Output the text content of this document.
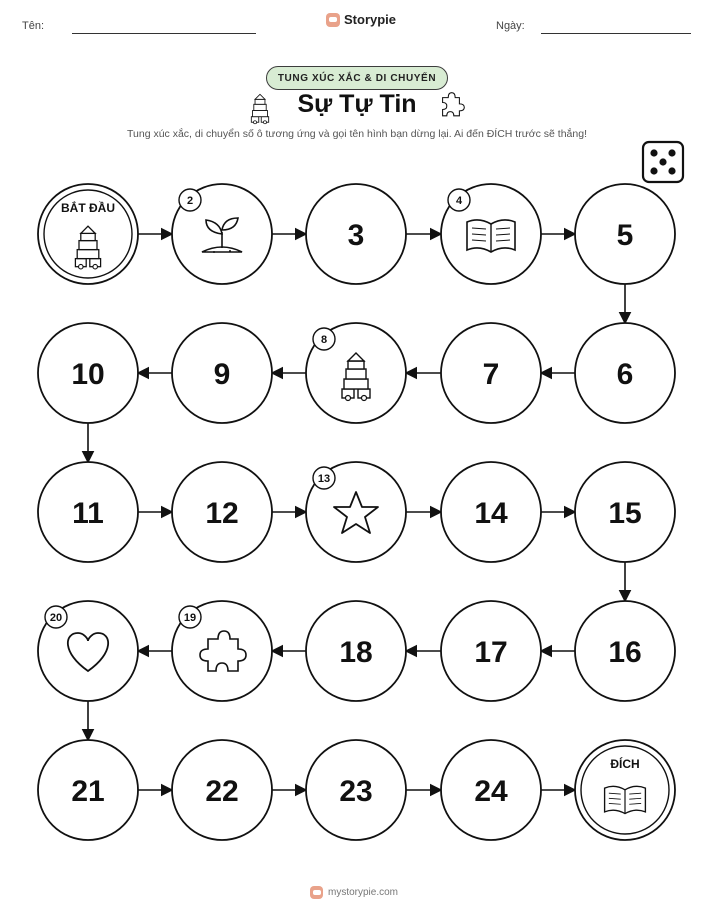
Tên:	Storypie	Ngày:
TUNG XÚC XẮC & DI CHUYỂN
Sự Tự Tin
Tung xúc xắc, di chuyển số ô tương ứng và gọi tên hình bạn dừng lại. Ai đến ĐÍCH trước sẽ thắng!
BẮT ĐẦU	2
3
4
5
6
7
8
9
10
11	12
13
14	15
16
17
18
19
20
21	22	23	24
ĐÍCH
mystorypie.com
